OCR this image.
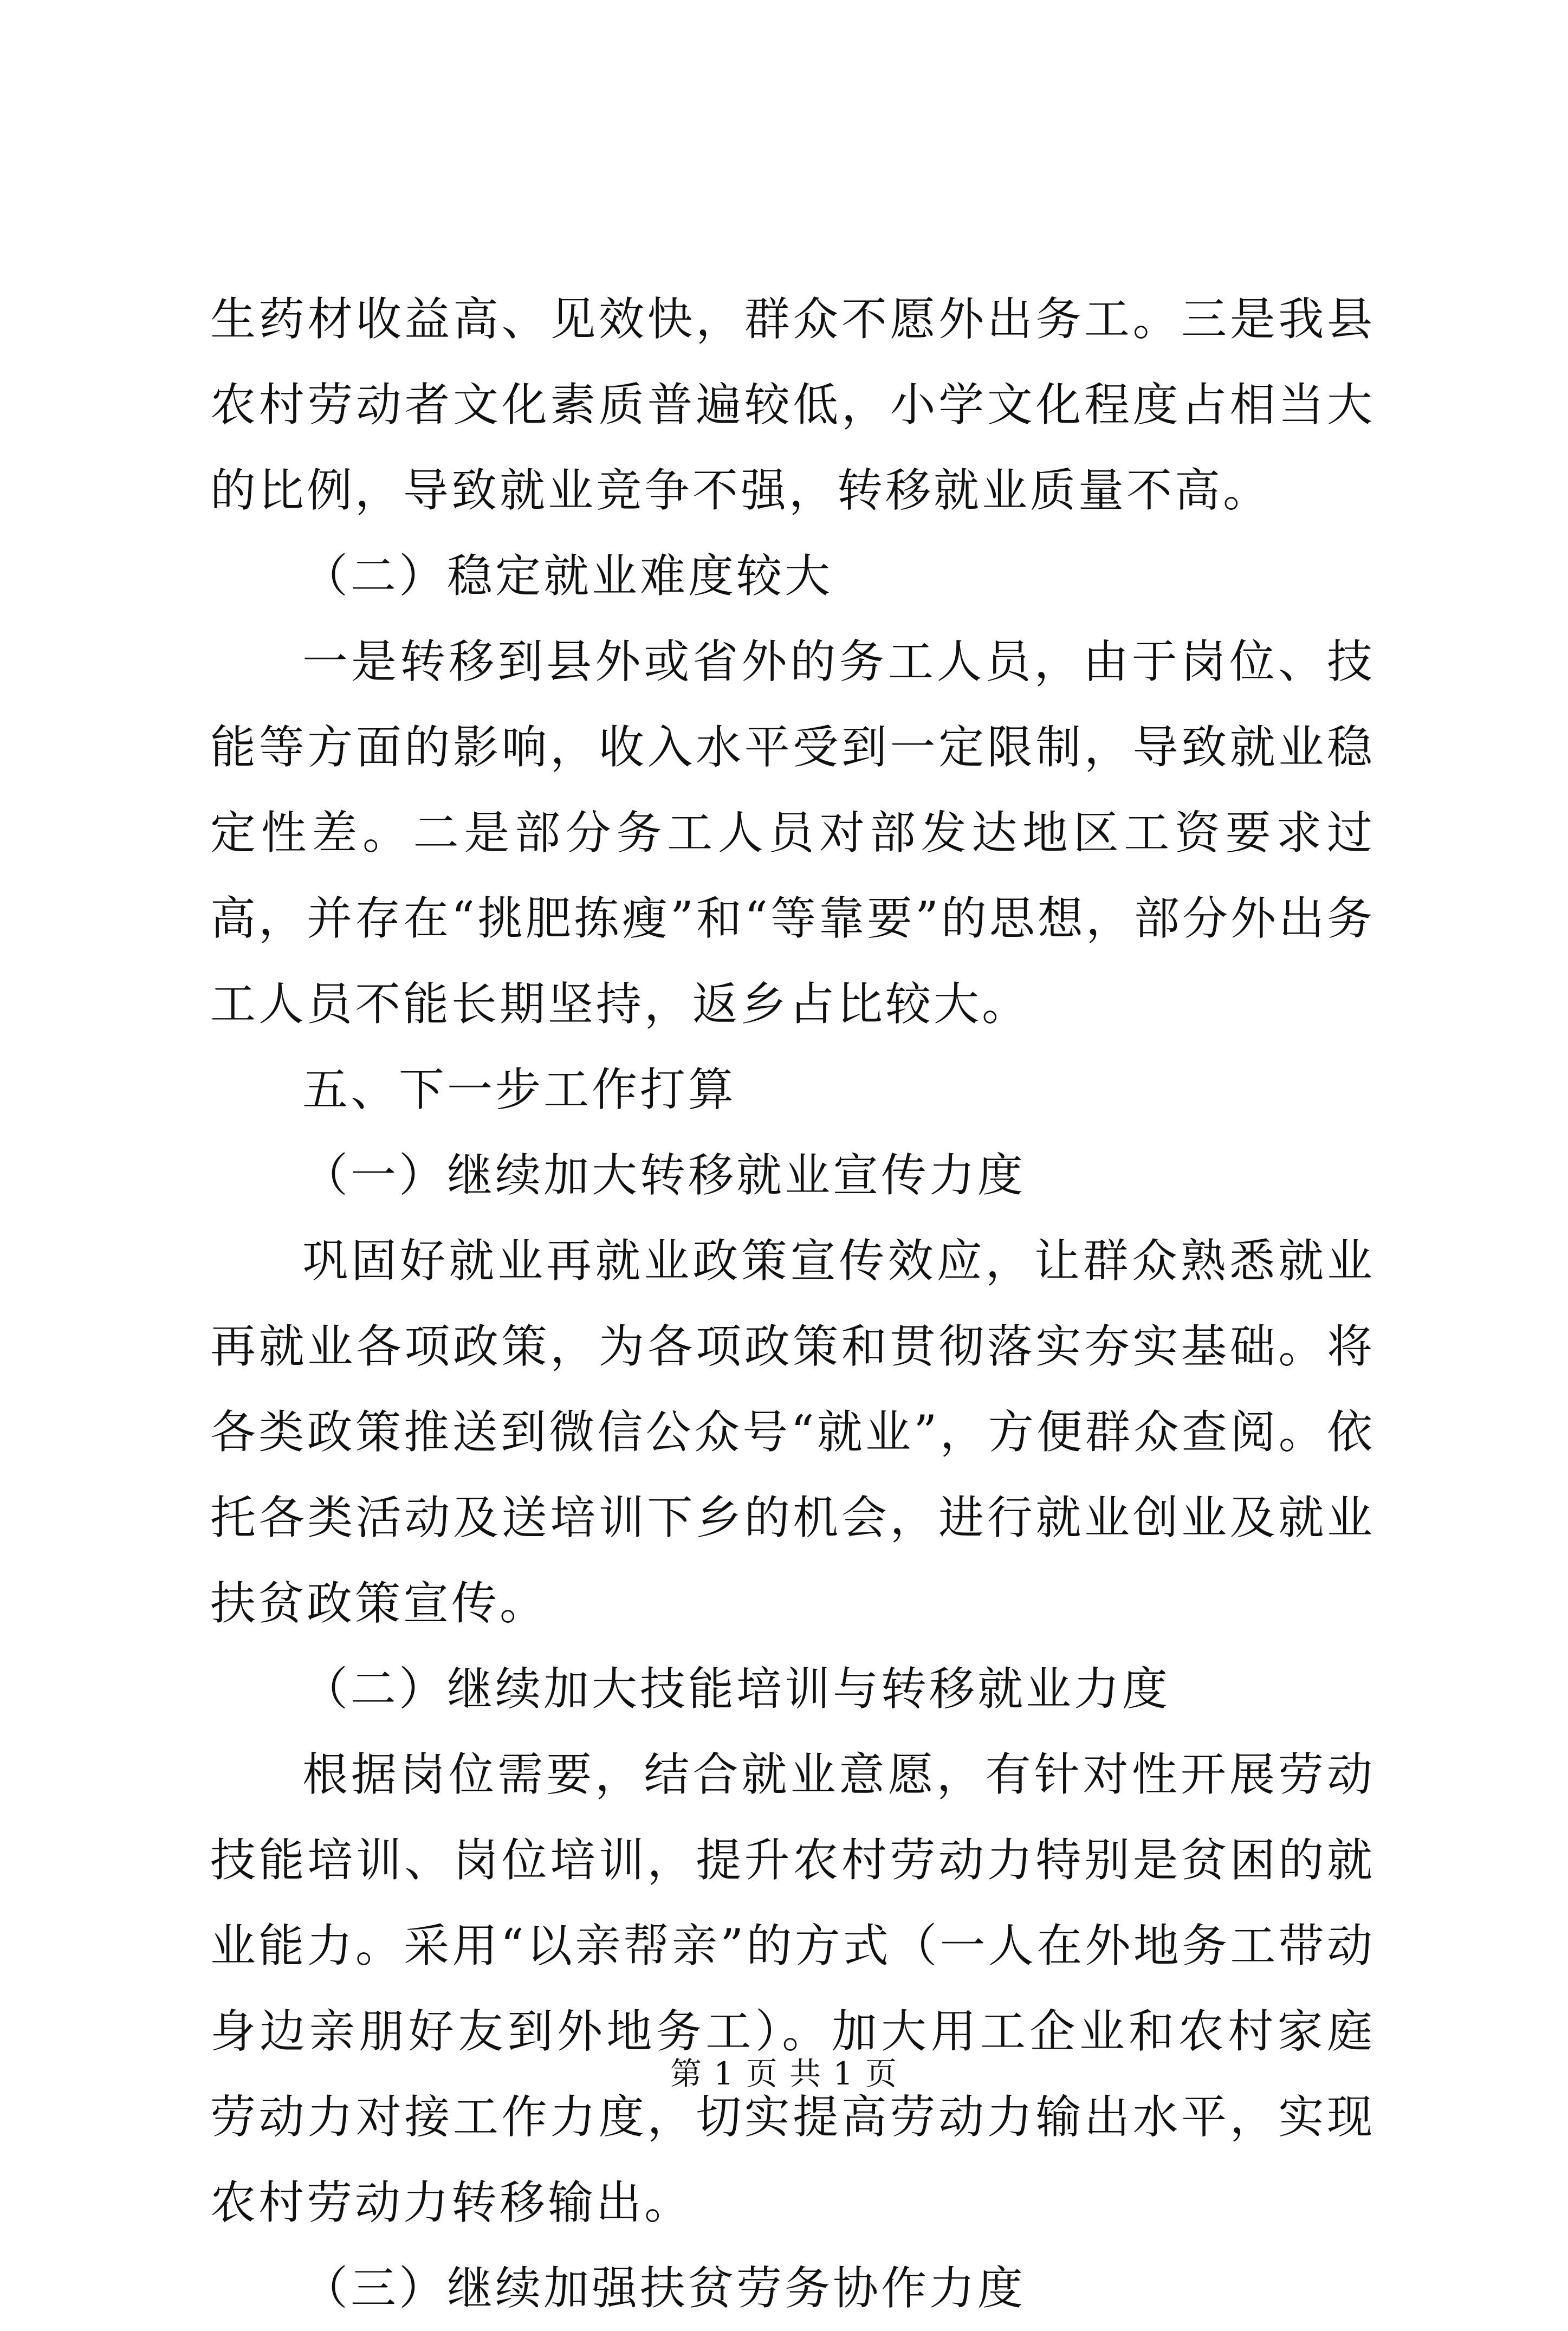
生药材收益高、见效快，群众不愿外出务工。三是我县农村劳动者文化素质普遍较低，小学文化程度占相当大的比例，导致就业竞争不强，转移就业质量不高。

（二）稳定就业难度较大

一是转移到县外或省外的务工人员，由于岗位、技能等方面的影响，收入水平受到一定限制，导致就业稳定性差。二是部分务工人员对部发达地区工资要求过高，并存在“挑肥拣瘦”和“等靠要”的思想，部分外出务工人员不能长期坚持，返乡占比较大。

五、下一步工作打算

（一）继续加大转移就业宣传力度

巩固好就业再就业政策宣传效应，让群众熟悉就业再就业各项政策，为各项政策和贯彻落实夯实基础。将各类政策推送到微信公众号“就业”，方便群众查阅。依托各类活动及送培训下乡的机会，进行就业创业及就业扶贫政策宣传。

（二）继续加大技能培训与转移就业力度

根据岗位需要，结合就业意愿，有针对性开展劳动技能培训、岗位培训，提升农村劳动力特别是贫困的就业能力。采用“以亲帮亲”的方式（一人在外地务工带动身边亲朋好友到外地务工）。加大用工企业和农村家庭劳动力对接工作力度，切实提高劳动力输出水平，实现农村劳动力转移输出。

（三）继续加强扶贫劳务协作力度

第 1 页 共 1 页
